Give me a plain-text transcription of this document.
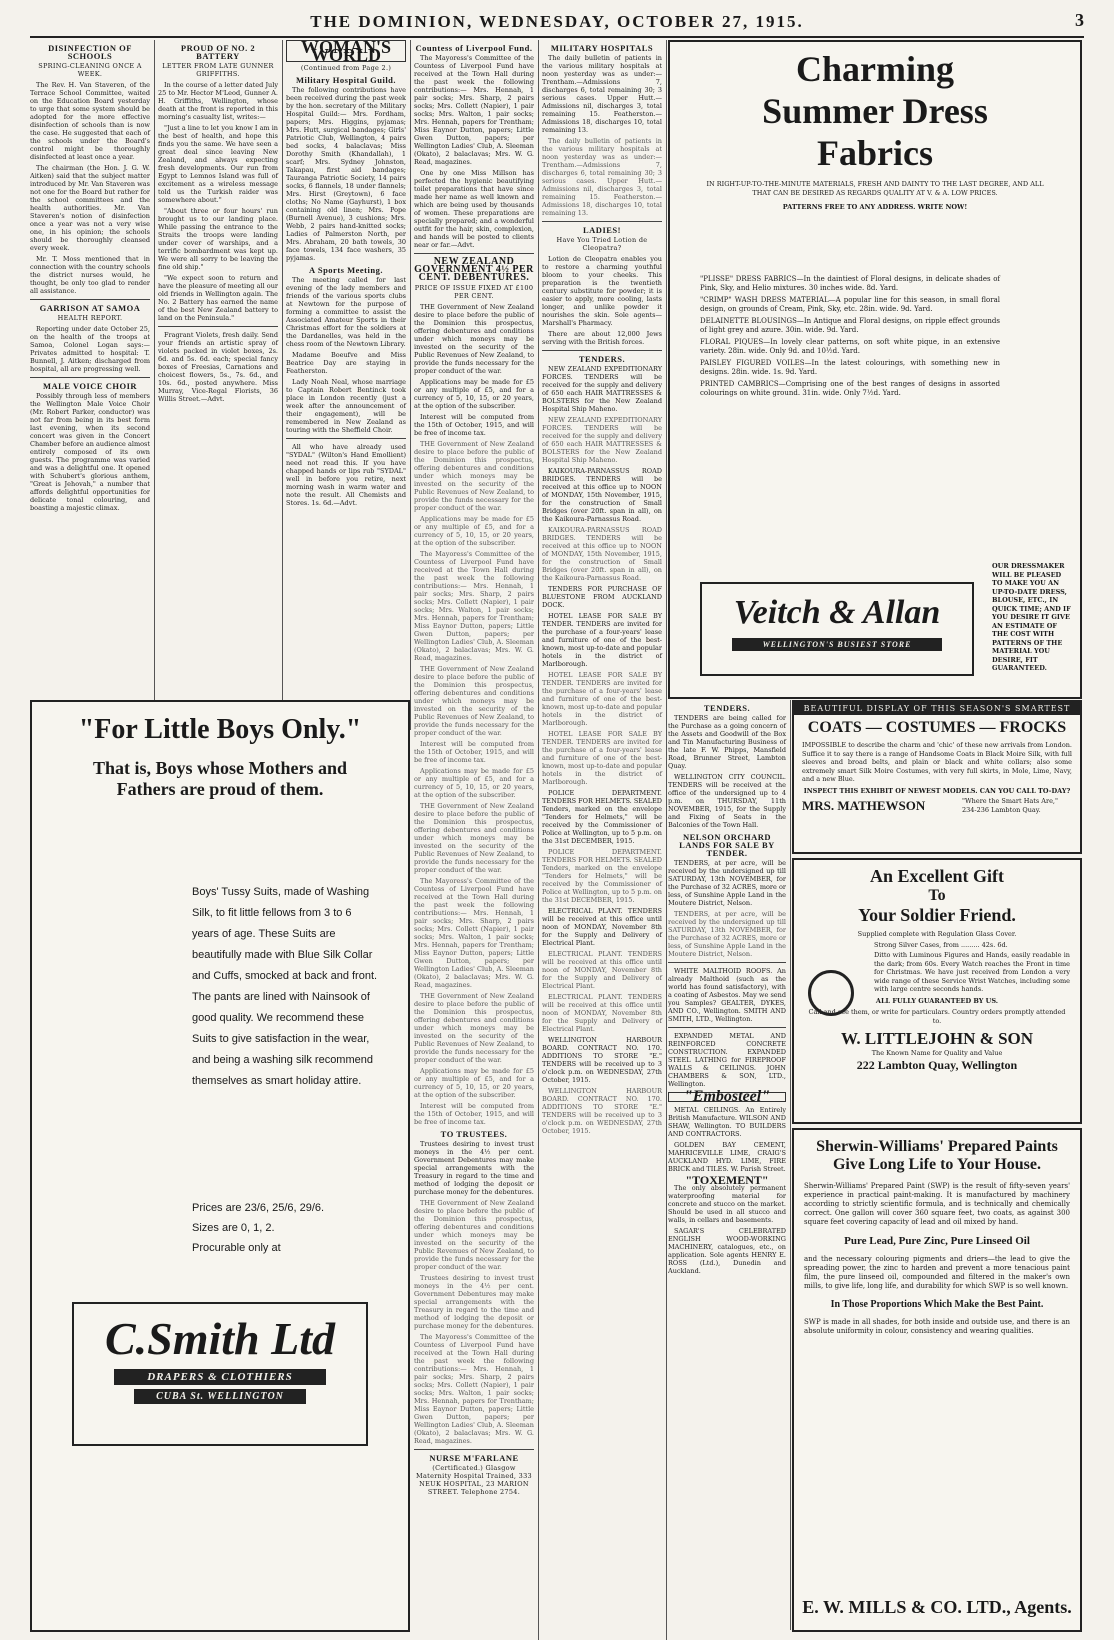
THE DOMINION, WEDNESDAY, OCTOBER 27, 1915.	3
DISINFECTION OF SCHOOLS
SPRING-CLEANING ONCE A WEEK.

The Rev. H. Van Staveren, of the Terrace School Committee, waited on the Education Board yesterday to urge that some system should be adopted for the more effective disinfection of schools than is now the case. He suggested that each of the schools under the Board's control might be thoroughly disinfected at least once a year.

The chairman (the Hon. J. G. W. Aitken) said that the subject matter introduced by Mr. Van Staveren was not one for the Board but rather for the school committees and the health authorities. Mr. Van Staveren's notion of disinfection once a year was not a very wise one, in his opinion; the schools should be thoroughly cleansed every week.

Mr. T. Moss mentioned that in connection with the country schools the district nurses would, he thought, be only too glad to render all assistance.

GARRISON AT SAMOA
HEALTH REPORT.

Reporting under date October 25, on the health of the troops at Samoa, Colonel Logan says:—Privates admitted to hospital: T. Bunnell, J. Aitken; discharged from hospital, all are progressing well.

MALE VOICE CHOIR

Possibly through less of members the Wellington Male Voice Choir (Mr. Robert Parker, conductor) was not far from being in its best form last evening, when its second concert was given in the Concert Chamber before an audience almost entirely composed of its own guests. The programme was varied and was a delightful one. It opened with Schubert's glorious anthem, "Great is Jehovah," a number that affords delightful opportunities for delicate tonal colouring, and boasting a majestic climax.

PROUD OF NO. 2 BATTERY
LETTER FROM LATE GUNNER GRIFFITHS.

In the course of a letter dated July 25 to Mr. Hector M'Leod, Gunner A. H. Griffiths, Wellington, whose death at the front is reported in this morning's casualty list, writes:—

"Just a line to let you know I am in the best of health, and hope this finds you the same. We have seen a great deal since leaving New Zealand, and always expecting fresh developments. Our run from Egypt to Lemnos Island was full of excitement as a wireless message told us the Turkish raider was somewhere about."

"About three or four hours' run brought us to our landing place. While passing the entrance to the Straits the troops were landing under cover of warships, and a terrific bombardment was kept up. We were all sorry to be leaving the fine old ship."

"We expect soon to return and have the pleasure of meeting all our old friends in Wellington again. The No. 2 Battery has earned the name of the best New Zealand battery to land on the Peninsula."

Fragrant Violets, fresh daily. Send your friends an artistic spray of violets packed in violet boxes, 2s. 6d. and 5s. 6d. each; special fancy boxes of Freesias, Carnations and choicest flowers, 5s., 7s. 6d., and 10s. 6d., posted anywhere. Miss Murray, Vice-Regal Florists, 36 Willis Street.—Advt.

WOMAN'S WORLD
(Continued from Page 2.)
Military Hospital Guild.

The following contributions have been received during the past week by the hon. secretary of the Military Hospital Guild:— Mrs. Fordham, papers; Mrs. Higgins, pyjamas; Mrs. Hutt, surgical bandages; Girls' Patriotic Club, Wellington, 4 pairs bed socks, 4 balaclavas; Miss Dorothy Smith (Khandallah), 1 scarf; Mrs. Sydney Johnston, Takapau, first aid bandages; Tauranga Patriotic Society, 14 pairs socks, 6 flannels, 18 under flannels; Mrs. Hirst (Greytown), 6 face cloths; No Name (Gayhurst), 1 box containing old linen; Mrs. Pope (Burnell Avenue), 3 cushions; Mrs. Webb, 2 pairs hand-knitted socks; Ladies of Palmerston North, per Mrs. Abraham, 20 bath towels, 30 face towels, 134 face washers, 35 pyjamas.

A Sports Meeting.

The meeting called for last evening of the lady members and friends of the various sports clubs at Newtown for the purpose of forming a committee to assist the Associated Amateur Sports in their Christmas effort for the soldiers at the Dardanelles, was held in the chess room of the Newtown Library.

Madame Boeufve and Miss Beatrice Day are staying in Featherston.

Lady Noah Neal, whose marriage to Captain Robert Bentinck took place in London recently (just a week after the announcement of their engagement), will be remembered in New Zealand as touring with the Sheffield Choir.

All who have already used "SYDAL" (Wilton's Hand Emollient) need not read this. If you have chapped hands or lips rub "SYDAL" well in before you retire, next morning wash in warm water and note the result. All Chemists and Stores. 1s. 6d.—Advt.

Countess of Liverpool Fund.

The Mayoress's Committee of the Countess of Liverpool Fund have received at the Town Hall during the past week the following contributions:— Mrs. Hennah, 1 pair socks; Mrs. Sharp, 2 pairs socks; Mrs. Collett (Napier), 1 pair socks; Mrs. Walton, 1 pair socks; Mrs. Hennah, papers for Trentham; Miss Eaynor Dutton, papers; Little Gwen Dutton, papers; per Wellington Ladies' Club, A. Sleeman (Okato), 2 balaclavas; Mrs. W. G. Read, magazines.

One by one Miss Millson has perfected the hygienic beautifying toilet preparations that have since made her name as well known and which are being used by thousands of women. These preparations are specially prepared; and a wonderful outfit for the hair, skin, complexion, and hands will be posted to clients near or far.—Advt.

NEW ZEALAND GOVERNMENT 4½ PER CENT. DEBENTURES.
PRICE OF ISSUE FIXED AT £100 PER CENT.

THE Government of New Zealand desire to place before the public of the Dominion this prospectus, offering debentures and conditions under which moneys may be invested on the security of the Public Revenues of New Zealand, to provide the funds necessary for the proper conduct of the war.

Applications may be made for £5 or any multiple of £5, and for a currency of 5, 10, 15, or 20 years, at the option of the subscriber.

Interest will be computed from the 15th of October, 1915, and will be free of income tax.

THE Government of New Zealand desire to place before the public of the Dominion this prospectus, offering debentures and conditions under which moneys may be invested on the security of the Public Revenues of New Zealand, to provide the funds necessary for the proper conduct of the war.

Applications may be made for £5 or any multiple of £5, and for a currency of 5, 10, 15, or 20 years, at the option of the subscriber.

The Mayoress's Committee of the Countess of Liverpool Fund have received at the Town Hall during the past week the following contributions:— Mrs. Hennah, 1 pair socks; Mrs. Sharp, 2 pairs socks; Mrs. Collett (Napier), 1 pair socks; Mrs. Walton, 1 pair socks; Mrs. Hennah, papers for Trentham; Miss Eaynor Dutton, papers; Little Gwen Dutton, papers; per Wellington Ladies' Club, A. Sleeman (Okato), 2 balaclavas; Mrs. W. G. Read, magazines.

THE Government of New Zealand desire to place before the public of the Dominion this prospectus, offering debentures and conditions under which moneys may be invested on the security of the Public Revenues of New Zealand, to provide the funds necessary for the proper conduct of the war.

Interest will be computed from the 15th of October, 1915, and will be free of income tax.

Applications may be made for £5 or any multiple of £5, and for a currency of 5, 10, 15, or 20 years, at the option of the subscriber.

THE Government of New Zealand desire to place before the public of the Dominion this prospectus, offering debentures and conditions under which moneys may be invested on the security of the Public Revenues of New Zealand, to provide the funds necessary for the proper conduct of the war.

The Mayoress's Committee of the Countess of Liverpool Fund have received at the Town Hall during the past week the following contributions:— Mrs. Hennah, 1 pair socks; Mrs. Sharp, 2 pairs socks; Mrs. Collett (Napier), 1 pair socks; Mrs. Walton, 1 pair socks; Mrs. Hennah, papers for Trentham; Miss Eaynor Dutton, papers; Little Gwen Dutton, papers; per Wellington Ladies' Club, A. Sleeman (Okato), 2 balaclavas; Mrs. W. G. Read, magazines.

THE Government of New Zealand desire to place before the public of the Dominion this prospectus, offering debentures and conditions under which moneys may be invested on the security of the Public Revenues of New Zealand, to provide the funds necessary for the proper conduct of the war.

Applications may be made for £5 or any multiple of £5, and for a currency of 5, 10, 15, or 20 years, at the option of the subscriber.

Interest will be computed from the 15th of October, 1915, and will be free of income tax.

TO TRUSTEES.

Trustees desiring to invest trust moneys in the 4½ per cent. Government Debentures may make special arrangements with the Treasury in regard to the time and method of lodging the deposit or purchase money for the debentures.

THE Government of New Zealand desire to place before the public of the Dominion this prospectus, offering debentures and conditions under which moneys may be invested on the security of the Public Revenues of New Zealand, to provide the funds necessary for the proper conduct of the war.

Trustees desiring to invest trust moneys in the 4½ per cent. Government Debentures may make special arrangements with the Treasury in regard to the time and method of lodging the deposit or purchase money for the debentures.

The Mayoress's Committee of the Countess of Liverpool Fund have received at the Town Hall during the past week the following contributions:— Mrs. Hennah, 1 pair socks; Mrs. Sharp, 2 pairs socks; Mrs. Collett (Napier), 1 pair socks; Mrs. Walton, 1 pair socks; Mrs. Hennah, papers for Trentham; Miss Eaynor Dutton, papers; Little Gwen Dutton, papers; per Wellington Ladies' Club, A. Sleeman (Okato), 2 balaclavas; Mrs. W. G. Read, magazines.

NURSE M'FARLANE
(Certificated.) Glasgow Maternity Hospital Trained, 333 NEUK HOSPITAL, 23 MARION STREET. Telephone 2754.
MILITARY HOSPITALS

The daily bulletin of patients in the various military hospitals at noon yesterday was as under:— Trentham.—Admissions 7, discharges 6, total remaining 30; 3 serious cases. Upper Hutt.—Admissions nil, discharges 3, total remaining 15. Featherston.—Admissions 18, discharges 10, total remaining 13.

The daily bulletin of patients in the various military hospitals at noon yesterday was as under:— Trentham.—Admissions 7, discharges 6, total remaining 30; 3 serious cases. Upper Hutt.—Admissions nil, discharges 3, total remaining 15. Featherston.—Admissions 18, discharges 10, total remaining 13.

LADIES!
Have You Tried Lotion de Cleopatra?

Lotion de Cleopatra enables you to restore a charming youthful bloom to your cheeks. This preparation is the twentieth century substitute for powder; it is easier to apply, more cooling, lasts longer, and unlike powder it nourishes the skin. Sole agents—Marshall's Pharmacy.

There are about 12,000 Jews serving with the British forces.

TENDERS.

NEW ZEALAND EXPEDITIONARY FORCES. TENDERS will be received for the supply and delivery of 650 each HAIR MATTRESSES & BOLSTERS for the New Zealand Hospital Ship Maheno.

NEW ZEALAND EXPEDITIONARY FORCES. TENDERS will be received for the supply and delivery of 650 each HAIR MATTRESSES & BOLSTERS for the New Zealand Hospital Ship Maheno.

KAIKOURA-PARNASSUS ROAD BRIDGES. TENDERS will be received at this office up to NOON of MONDAY, 15th November, 1915, for the construction of Small Bridges (over 20ft. span in all), on the Kaikoura-Parnassus Road.

KAIKOURA-PARNASSUS ROAD BRIDGES. TENDERS will be received at this office up to NOON of MONDAY, 15th November, 1915, for the construction of Small Bridges (over 20ft. span in all), on the Kaikoura-Parnassus Road.

TENDERS FOR PURCHASE OF BLUESTONE FROM AUCKLAND DOCK.

HOTEL LEASE FOR SALE BY TENDER. TENDERS are invited for the purchase of a four-years' lease and furniture of one of the best-known, most up-to-date and popular hotels in the district of Marlborough.

HOTEL LEASE FOR SALE BY TENDER. TENDERS are invited for the purchase of a four-years' lease and furniture of one of the best-known, most up-to-date and popular hotels in the district of Marlborough.

HOTEL LEASE FOR SALE BY TENDER. TENDERS are invited for the purchase of a four-years' lease and furniture of one of the best-known, most up-to-date and popular hotels in the district of Marlborough.

POLICE DEPARTMENT. TENDERS FOR HELMETS. SEALED Tenders, marked on the envelope "Tenders for Helmets," will be received by the Commissioner of Police at Wellington, up to 5 p.m. on the 31st DECEMBER, 1915.

POLICE DEPARTMENT. TENDERS FOR HELMETS. SEALED Tenders, marked on the envelope "Tenders for Helmets," will be received by the Commissioner of Police at Wellington, up to 5 p.m. on the 31st DECEMBER, 1915.

ELECTRICAL PLANT. TENDERS will be received at this office until noon of MONDAY, November 8th for the Supply and Delivery of Electrical Plant.

ELECTRICAL PLANT. TENDERS will be received at this office until noon of MONDAY, November 8th for the Supply and Delivery of Electrical Plant.

ELECTRICAL PLANT. TENDERS will be received at this office until noon of MONDAY, November 8th for the Supply and Delivery of Electrical Plant.

WELLINGTON HARBOUR BOARD. CONTRACT NO. 170. ADDITIONS TO STORE "E." TENDERS will be received up to 3 o'clock p.m. on WEDNESDAY, 27th October, 1915.

WELLINGTON HARBOUR BOARD. CONTRACT NO. 170. ADDITIONS TO STORE "E." TENDERS will be received up to 3 o'clock p.m. on WEDNESDAY, 27th October, 1915.

Charming
Summer Dress
Fabrics
IN RIGHT-UP-TO-THE-MINUTE MATERIALS, FRESH AND DAINTY TO THE LAST DEGREE, AND ALL THAT CAN BE DESIRED AS REGARDS QUALITY AT V. & A. LOW PRICES.
PATTERNS FREE TO ANY ADDRESS. WRITE NOW!

"PLISSE" DRESS FABRICS—In the daintiest of Floral designs, in delicate shades of Pink, Sky, and Helio mixtures. 30 inches wide. 8d. Yard.

"CRIMP" WASH DRESS MATERIAL—A popular line for this season, in small floral design, on grounds of Cream, Pink, Sky, etc. 28in. wide. 9d. Yard.

DELAINETTE BLOUSINGS—In Antique and Floral designs, on ripple effect grounds of light grey and azure. 30in. wide. 9d. Yard.

FLORAL PIQUES—In lovely clear patterns, on soft white pique, in an extensive variety. 28in. wide. Only 9d. and 10½d. Yard.

PAISLEY FIGURED VOILES—In the latest colourings, with something new in designs. 28in. wide. 1s. 9d. Yard.

PRINTED CAMBRICS—Comprising one of the best ranges of designs in assorted colourings on white ground. 31in. wide. Only 7½d. Yard.

OUR DRESSMAKER WILL BE PLEASED TO MAKE YOU AN UP-TO-DATE DRESS, BLOUSE, ETC., IN QUICK TIME; AND IF YOU DESIRE IT GIVE AN ESTIMATE OF THE COST WITH PATTERNS OF THE MATERIAL YOU DESIRE, FIT GUARANTEED.
Veitch & Allan
WELLINGTON'S BUSIEST STORE
TENDERS.

TENDERS are being called for the Purchase as a going concern of the Assets and Goodwill of the Box and Tin Manufacturing Business of the late F. W. Phipps, Mansfield Road, Brunner Street, Lambton Quay.

WELLINGTON CITY COUNCIL. TENDERS will be received at the office of the undersigned up to 4 p.m. on THURSDAY, 11th NOVEMBER, 1915, for the Supply and Fixing of Seats in the Balconies of the Town Hall.

NELSON ORCHARD LANDS FOR SALE BY TENDER.

TENDERS, at per acre, will be received by the undersigned up till SATURDAY, 13th NOVEMBER, for the Purchase of 32 ACRES, more or less, of Sunshine Apple Land in the Moutere District, Nelson.

TENDERS, at per acre, will be received by the undersigned up till SATURDAY, 13th NOVEMBER, for the Purchase of 32 ACRES, more or less, of Sunshine Apple Land in the Moutere District, Nelson.

WHITE MALTHOID ROOFS. An already Malthoid (such as the world has found satisfactory), with a coating of Asbestos. May we send you Samples? GEALTER, DYKES, AND CO., Wellington. SMITH AND SMITH, LTD., Wellington.

EXPANDED METAL AND REINFORCED CONCRETE CONSTRUCTION. EXPANDED STEEL LATHING for FIREPROOF WALLS & CEILINGS. JOHN CHAMBERS & SON, LTD., Wellington.

"Embosteel"

METAL CEILINGS. An Entirely British Manufacture. WILSON AND SHAW, Wellington. TO BUILDERS AND CONTRACTORS.

GOLDEN BAY CEMENT, MAHRICEVILLE LIME, CRAIG'S AUCKLAND HYD. LIME, FIRE BRICK and TILES. W. Parish Street.

"TOXEMENT"

The only absolutely permanent waterproofing material for concrete and stucco on the market. Should be used in all stucco and walls, in cellars and basements.

SAGAR'S CELEBRATED ENGLISH WOOD-WORKING MACHINERY, catalogues, etc., on application. Sole agents HENRY E. ROSS (Ltd.), Dunedin and Auckland.

BEAUTIFUL DISPLAY OF THIS SEASON'S SMARTEST
COATS — COSTUMES — FROCKS
IMPOSSIBLE to describe the charm and 'chic' of these new arrivals from London. Suffice it to say there is a range of Handsome Coats in Black Moire Silk, with full sleeves and broad belts, and plain or black and white collars; also some extremely smart Silk Moire Costumes, with very full skirts, in Mole, Lime, Navy, and a new Blue.
INSPECT THIS EXHIBIT OF NEWEST MODELS. CAN YOU CALL TO-DAY?
MRS. MATHEWSON	"Where the Smart Hats Are," 234-236 Lambton Quay.
An Excellent Gift
To
Your Soldier Friend.
Supplied complete with Regulation Glass Cover.
Strong Silver Cases, from ......... 42s. 6d.
Ditto with Luminous Figures and Hands, easily readable in the dark; from 60s. Every Watch reaches the Front in time for Christmas. We have just received from London a very wide range of these Service Wrist Watches, including some with large centre seconds hands.
ALL FULLY GUARANTEED BY US.
Call and see them, or write for particulars. Country orders promptly attended to.
W. LITTLEJOHN & SON
The Known Name for Quality and Value
222 Lambton Quay, Wellington
Sherwin-Williams' Prepared Paints
Give Long Life to Your House.
Sherwin-Williams' Prepared Paint (SWP) is the result of fifty-seven years' experience in practical paint-making. It is manufactured by machinery according to strictly scientific formula, and is technically and chemically correct. One gallon will cover 360 square feet, two coats, as against 300 square feet covering capacity of lead and oil mixed by hand.
Pure Lead, Pure Zinc, Pure Linseed Oil
and the necessary colouring pigments and driers—the lead to give the spreading power, the zinc to harden and prevent a more tenacious paint film, the pure linseed oil, compounded and filtered in the maker's own mills, to give life, long life, and durability for which SWP is so well known.
In Those Proportions Which Make the Best Paint.
SWP is made in all shades, for both inside and outside use, and there is an absolute uniformity in colour, consistency and wearing qualities.
E. W. MILLS & CO. LTD., Agents.
"For Little Boys Only."
That is, Boys whose Mothers and
Fathers are proud of them.
Boys' Tussy Suits, made of Washing Silk, to fit little fellows from 3 to 6 years of age. These Suits are beautifully made with Blue Silk Collar and Cuffs, smocked at back and front. The pants are lined with Nainsook of good quality. We recommend these Suits to give satisfaction in the wear, and being a washing silk recommend themselves as smart holiday attire.
Prices are 23/6, 25/6, 29/6.
Sizes are 0, 1, 2.
Procurable only at
C.Smith Ltd
DRAPERS & CLOTHIERS
CUBA St. WELLINGTON
